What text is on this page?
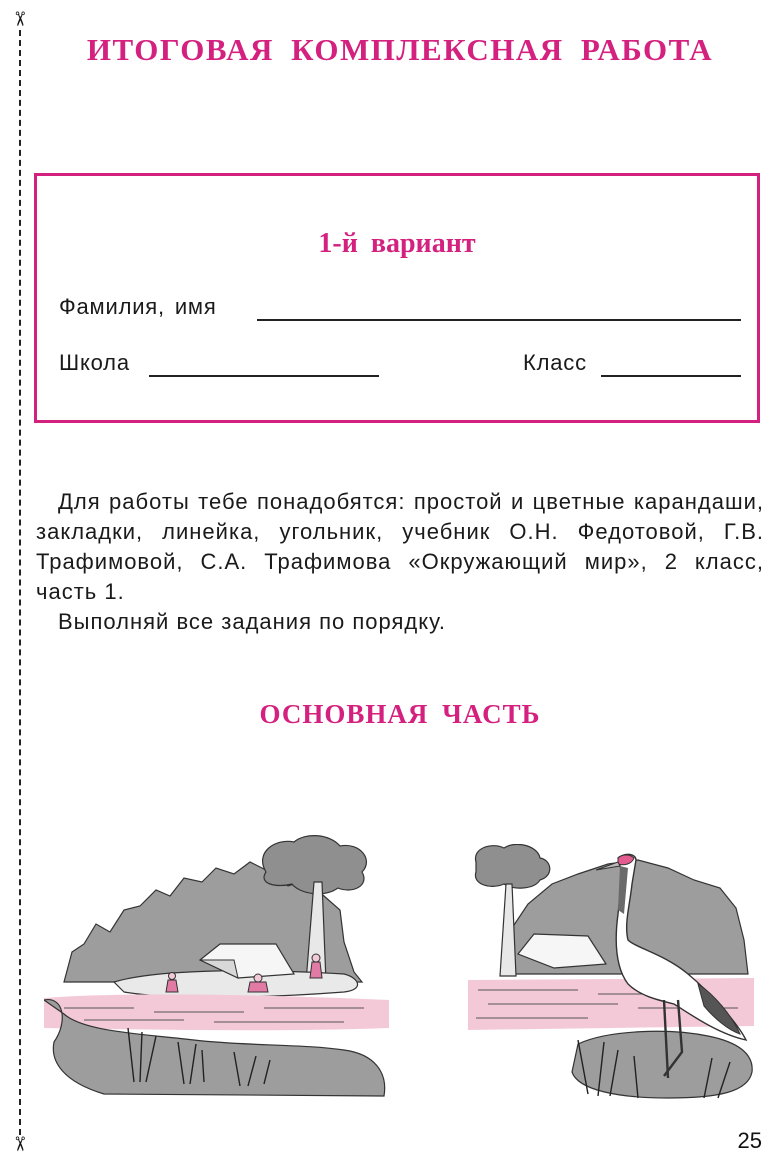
✂
✂
ИТОГОВАЯ КОМПЛЕКСНАЯ РАБОТА
1-й вариант
Фамилия, имя
Школа	Класс

Для работы тебе понадобятся: простой и цветные карандаши, закладки, линейка, угольник, учебник О.Н. Федотовой, Г.В. Трафимовой, С.А. Трафимова «Окружающий мир», 2 класс, часть 1.

Выполняй все задания по порядку.

ОСНОВНАЯ ЧАСТЬ
25
